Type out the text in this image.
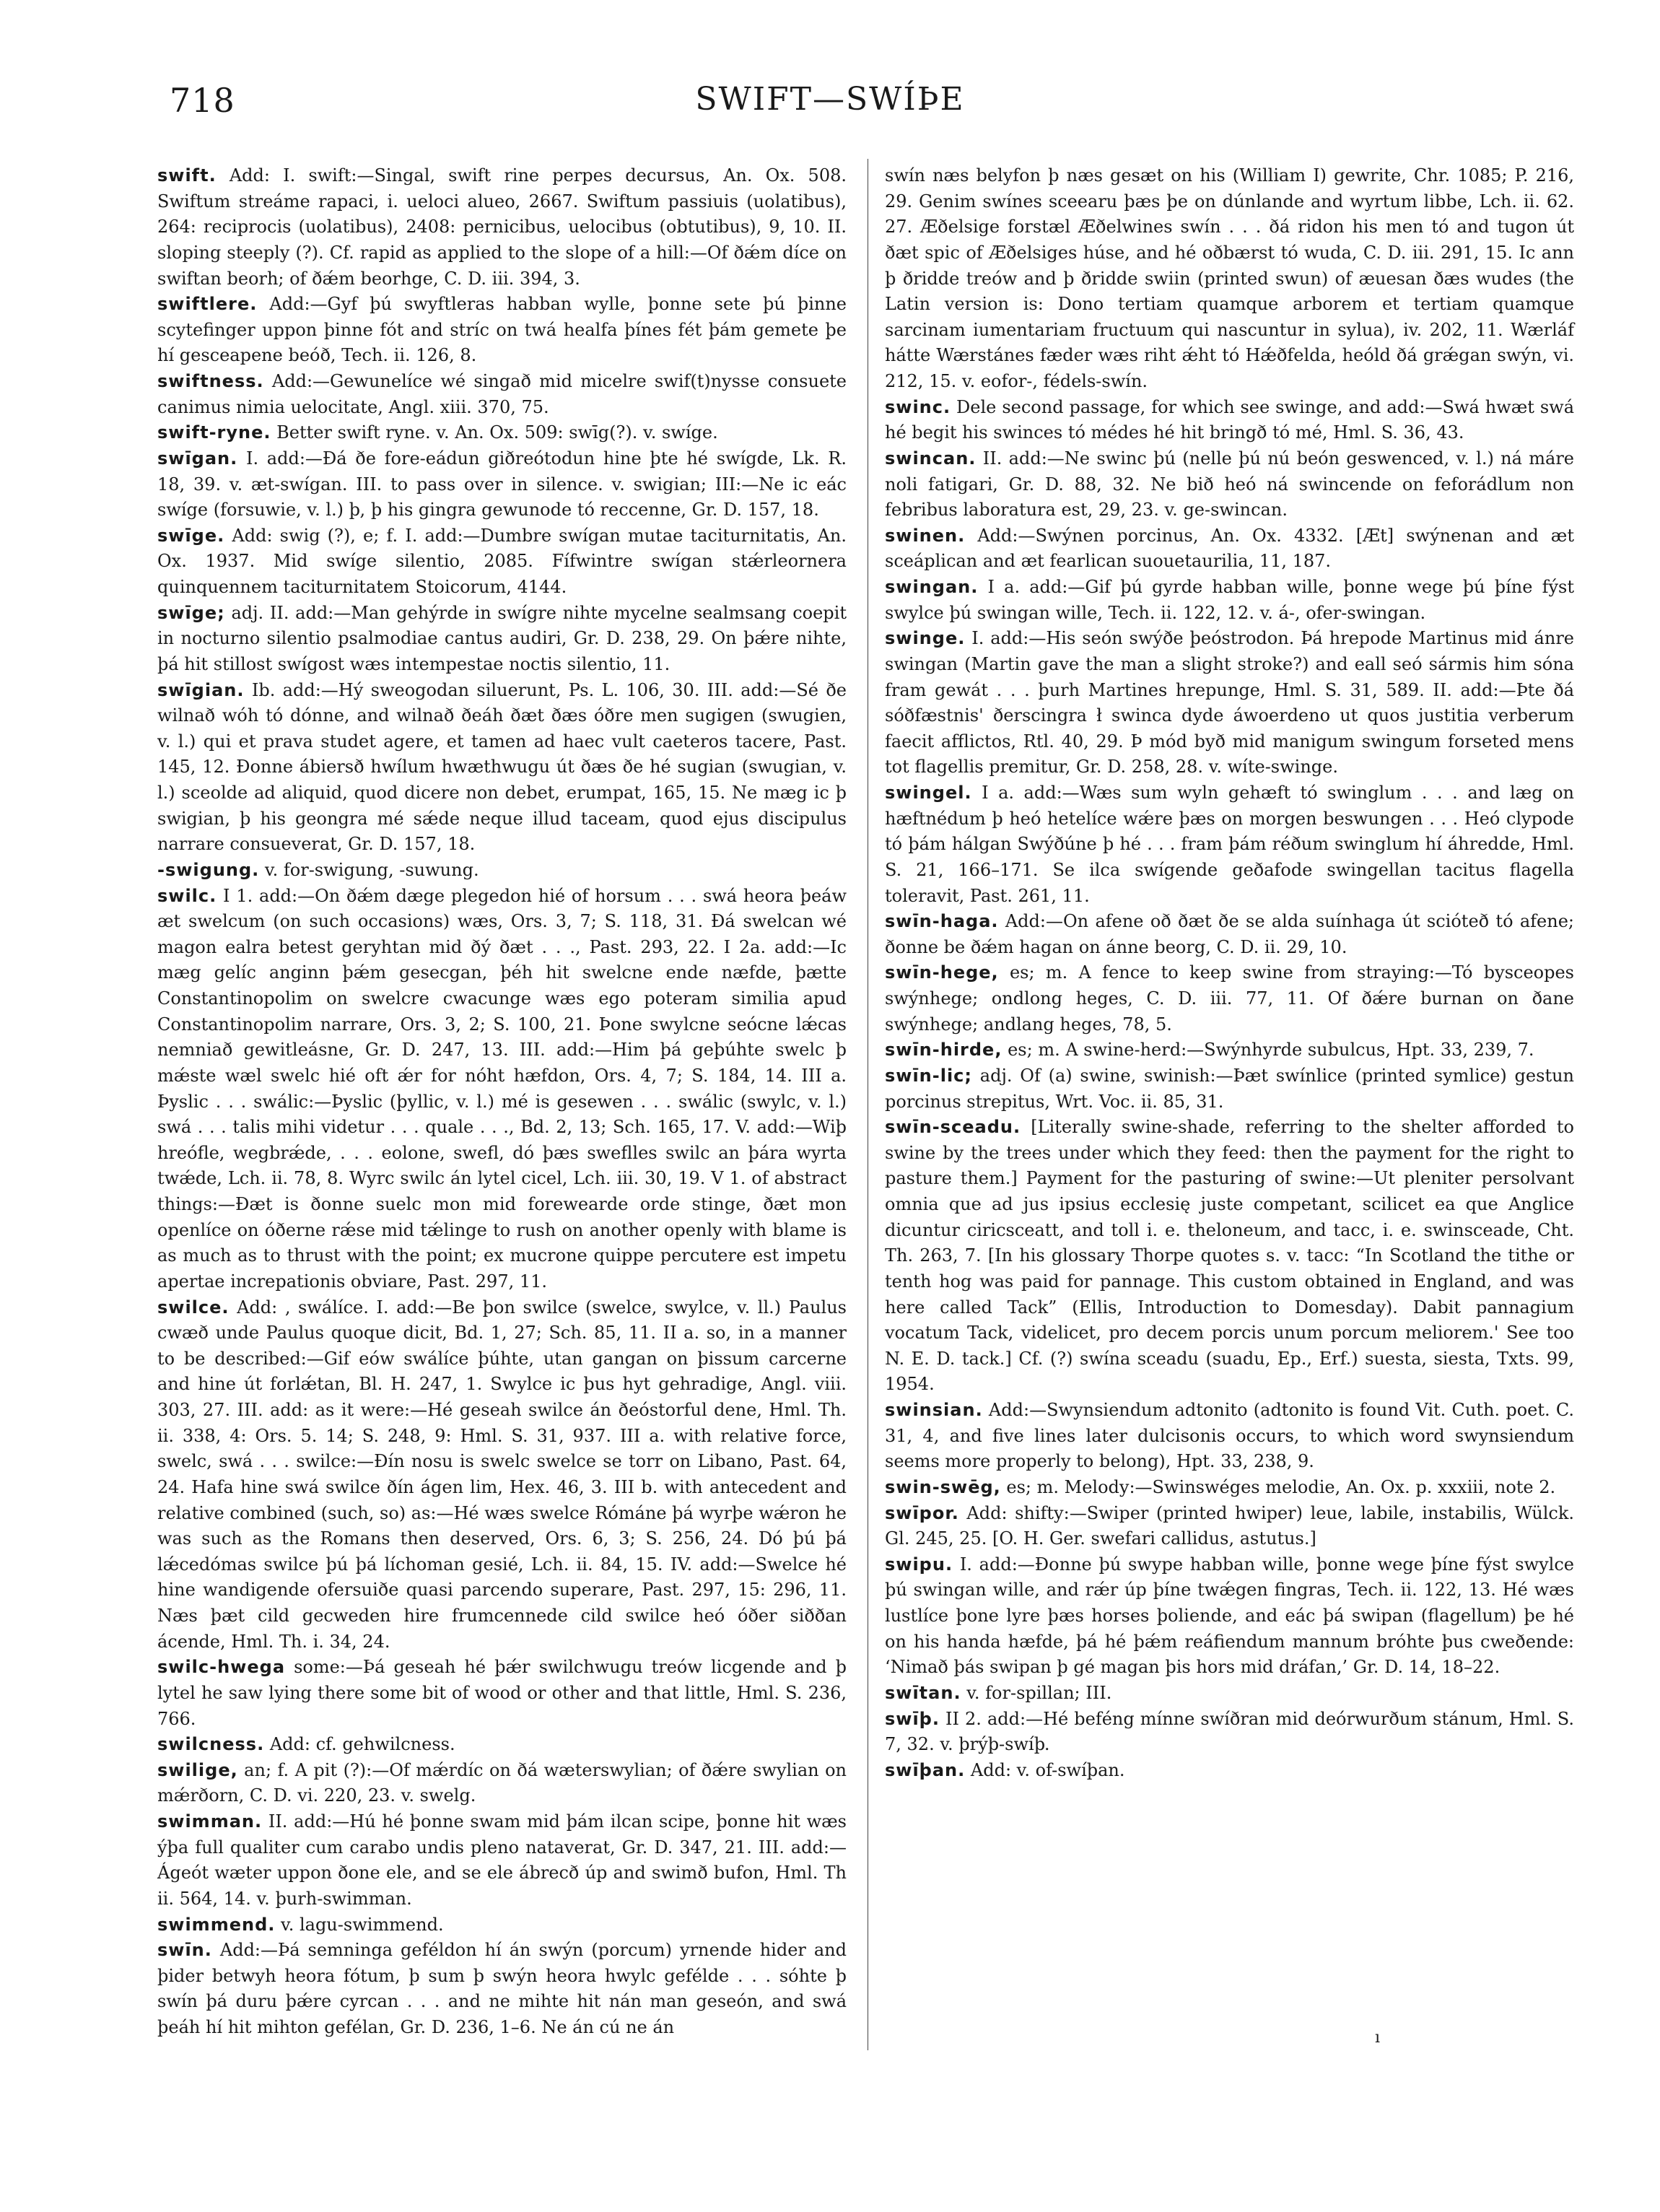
718	SWIFT—SWÍÞE

swift. Add: I. swift:—Singal, swift rine perpes decursus, An. Ox. 508. Swiftum streáme rapaci, i. ueloci alueo, 2667. Swiftum passiuis (uolatibus), 264: reciprocis (uolatibus), 2408: pernicibus, uelocibus (obtutibus), 9, 10. II. sloping steeply (?). Cf. rapid as applied to the slope of a hill:—Of ðǽm díce on swiftan beorh; of ðǽm beorhge, C. D. iii. 394, 3.

swiftlere. Add:—Gyf þú swyftleras habban wylle, þonne sete þú þinne scytefinger uppon þinne fót and stríc on twá healfa þínes fét þám gemete þe hí gesceapene beóð, Tech. ii. 126, 8.

swiftness. Add:—Gewunelíce wé singað mid micelre swif(t)nysse consuete canimus nimia uelocitate, Angl. xiii. 370, 75.

swift-ryne. Better swift ryne. v. An. Ox. 509: swīg(?). v. swíge.

swīgan. I. add:—Ðá ðe fore-eádun giðreótodun hine þte hé swígde, Lk. R. 18, 39. v. æt-swígan. III. to pass over in silence. v. swigian; III:—Ne ic eác swíge (forsuwie, v. l.) þ, þ his gingra gewunode tó reccenne, Gr. D. 157, 18.

swīge. Add: swig (?), e; f. I. add:—Dumbre swígan mutae taciturnitatis, An. Ox. 1937. Mid swíge silentio, 2085. Fífwintre swígan stǽrleornera quinquennem taciturnitatem Stoicorum, 4144.

swīge; adj. II. add:—Man gehýrde in swígre nihte mycelne sealmsang coepit in nocturno silentio psalmodiae cantus audiri, Gr. D. 238, 29. On þǽre nihte, þá hit stillost swígost wæs intempestae noctis silentio, 11.

swīgian. Ib. add:—Hý sweogodan siluerunt, Ps. L. 106, 30. III. add:—Sé ðe wilnað wóh tó dónne, and wilnað ðeáh ðæt ðæs óðre men sugigen (swugien, v. l.) qui et prava studet agere, et tamen ad haec vult caeteros tacere, Past. 145, 12. Ðonne ábiersð hwílum hwæthwugu út ðæs ðe hé sugian (swugian, v. l.) sceolde ad aliquid, quod dicere non debet, erumpat, 165, 15. Ne mæg ic þ swigian, þ his geongra mé sǽde neque illud taceam, quod ejus discipulus narrare consueverat, Gr. D. 157, 18.

-swigung. v. for-swigung, -suwung.

swilc. I 1. add:—On ðǽm dæge plegedon hié of horsum . . . swá heora þeáw æt swelcum (on such occasions) wæs, Ors. 3, 7; S. 118, 31. Ðá swelcan wé magon ealra betest geryhtan mid ðý ðæt . . ., Past. 293, 22. I 2a. add:—Ic mæg gelíc anginn þǽm gesecgan, þéh hit swelcne ende næfde, þætte Constantinopolim on swelcre cwacunge wæs ego poteram similia apud Constantinopolim narrare, Ors. 3, 2; S. 100, 21. Þone swylcne seócne lǽcas nemniað gewitleásne, Gr. D. 247, 13. III. add:—Him þá geþúhte swelc þ mǽste wæl swelc hié oft ǽr for nóht hæfdon, Ors. 4, 7; S. 184, 14. III a. Þyslic . . . swálic:—Þyslic (þyllic, v. l.) mé is gesewen . . . swálic (swylc, v. l.) swá . . . talis mihi videtur . . . quale . . ., Bd. 2, 13; Sch. 165, 17. V. add:—Wiþ hreófle, wegbrǽde, . . . eolone, swefl, dó þæs sweflles swilc an þára wyrta twǽde, Lch. ii. 78, 8. Wyrc swilc án lytel cicel, Lch. iii. 30, 19. V 1. of abstract things:—Ðæt is ðonne suelc mon mid forewearde orde stinge, ðæt mon openlíce on óðerne rǽse mid tǽlinge to rush on another openly with blame is as much as to thrust with the point; ex mucrone quippe percutere est impetu apertae increpationis obviare, Past. 297, 11.

swilce. Add: , swálíce. I. add:—Be þon swilce (swelce, swylce, v. ll.) Paulus cwæð unde Paulus quoque dicit, Bd. 1, 27; Sch. 85, 11. II a. so, in a manner to be described:—Gif eów swálíce þúhte, utan gangan on þissum carcerne and hine út forlǽtan, Bl. H. 247, 1. Swylce ic þus hyt gehradige, Angl. viii. 303, 27. III. add: as it were:—Hé geseah swilce án ðeóstorful dene, Hml. Th. ii. 338, 4: Ors. 5. 14; S. 248, 9: Hml. S. 31, 937. III a. with relative force, swelc, swá . . . swilce:—Ðín nosu is swelc swelce se torr on Libano, Past. 64, 24. Hafa hine swá swilce ðín ágen lim, Hex. 46, 3. III b. with antecedent and relative combined (such, so) as:—Hé wæs swelce Rómáne þá wyrþe wǽron he was such as the Romans then deserved, Ors. 6, 3; S. 256, 24. Dó þú þá lǽcedómas swilce þú þá líchoman gesié, Lch. ii. 84, 15. IV. add:—Swelce hé hine wandigende ofersuiðe quasi parcendo superare, Past. 297, 15: 296, 11. Næs þæt cild gecweden hire frumcennede cild swilce heó óðer siððan ácende, Hml. Th. i. 34, 24.

swilc-hwega some:—Þá geseah hé þǽr swilchwugu treów licgende and þ lytel he saw lying there some bit of wood or other and that little, Hml. S. 236, 766.

swilcness. Add: cf. gehwilcness.

swilige, an; f. A pit (?):—Of mǽrdíc on ðá wæterswylian; of ðǽre swylian on mǽrðorn, C. D. vi. 220, 23. v. swelg.

swimman. II. add:—Hú hé þonne swam mid þám ilcan scipe, þonne hit wæs ýþa full qualiter cum carabo undis pleno nataverat, Gr. D. 347, 21. III. add:—Ágeót wæter uppon ðone ele, and se ele ábrecð úp and swimð bufon, Hml. Th ii. 564, 14. v. þurh-swimman.

swimmend. v. lagu-swimmend.

swīn. Add:—Þá semninga geféldon hí án swýn (porcum) yrnende hider and þider betwyh heora fótum, þ sum þ swýn heora hwylc geféldе . . . sóhte þ swín þá duru þǽre cyrcan . . . and ne mihte hit nán man geseón, and swá þeáh hí hit mihton gefélan, Gr. D. 236, 1–6. Ne án cú ne án

swín næs belyfon þ næs gesæt on his (William I) gewrite, Chr. 1085; P. 216, 29. Genim swínes sceearu þæs þe on dúnlande and wyrtum libbe, Lch. ii. 62. 27. Æðelsige forstæl Æðelwines swín . . . ðá ridon his men tó and tugon út ðæt spic of Æðelsiges húse, and hé oðbærst tó wuda, C. D. iii. 291, 15. Ic ann þ ðridde treów and þ ðridde swiin (printed swun) of æuesan ðæs wudes (the Latin version is: Dono tertiam quamque arborem et tertiam quamque sarcinam iumentariam fructuum qui nascuntur in sylua), iv. 202, 11. Wærláf hátte Wærstánes fæder wæs riht ǽht tó Hǽðfelda, heóld ðá grǽgan swýn, vi. 212, 15. v. eofor-, fédels-swín.

swinc. Dele second passage, for which see swinge, and add:—Swá hwæt swá hé begit his swinces tó médes hé hit bringð tó mé, Hml. S. 36, 43.

swincan. II. add:—Ne swinc þú (nelle þú nú beón geswenced, v. l.) ná máre noli fatigari, Gr. D. 88, 32. Ne bið heó ná swincende on feforádlum non febribus laboratura est, 29, 23. v. ge-swincan.

swinen. Add:—Swýnen porcinus, An. Ox. 4332. [Æt] swýnenan and æt sceáplican and æt fearlican suouetaurilia, 11, 187.

swingan. I a. add:—Gif þú gyrde habban wille, þonne wege þú þíne fýst swylce þú swingan wille, Tech. ii. 122, 12. v. á-, ofer-swingan.

swinge. I. add:—His seón swýðe þeóstrodon. Þá hrepode Martinus mid ánre swingan (Martin gave the man a slight stroke?) and eall seó sármis him sóna fram gewát . . . þurh Martines hrepunge, Hml. S. 31, 589. II. add:—Þte ðá sóðfæstnis' ðerscingra ł swincа dyde áwoerdeno ut quos justitia verberum faecit afflictos, Rtl. 40, 29. Þ mód byð mid manigum swingum forseted mens tot flagellis premitur, Gr. D. 258, 28. v. wíte-swinge.

swingel. I a. add:—Wæs sum wyln gehæft tó swinglum . . . and læg on hæftnédum þ heó hetelíce wǽre þæs on morgen beswungen . . . Heó clypode tó þám hálgan Swýðúne þ hé . . . fram þám réðum swinglum hí áhredde, Hml. S. 21, 166–171. Se ilca swígende geðafode swingellan tacitus flagella toleravit, Past. 261, 11.

swīn-haga. Add:—On afene oð ðæt ðe se alda suínhaga út scióteð tó afene; ðonne be ðǽm hagan on ánne beorg, C. D. ii. 29, 10.

swīn-hege, es; m. A fence to keep swine from straying:—Tó bysceopes swýnhege; ondlong heges, C. D. iii. 77, 11. Of ðǽre burnan on ðane swýnhege; andlang heges, 78, 5.

swīn-hirde, es; m. A swine-herd:—Swýnhyrde subulcus, Hpt. 33, 239, 7.

swīn-lic; adj. Of (a) swine, swinish:—Þæt swínlice (printed symlice) gestun porcinus strepitus, Wrt. Voc. ii. 85, 31.

swīn-sceadu. [Literally swine-shade, referring to the shelter afforded to swine by the trees under which they feed: then the payment for the right to pasture them.] Payment for the pasturing of swine:—Ut pleniter persolvant omnia que ad jus ipsius ecclesię juste competant, scilicet ea que Anglice dicuntur ciricsceatt, and toll i. e. theloneum, and tacc, i. e. swinsceade, Cht. Th. 263, 7. [In his glossary Thorpe quotes s. v. tacc: “In Scotland the tithe or tenth hog was paid for pannage. This custom obtained in England, and was here called Tack” (Ellis, Introduction to Domesday). Dabit pannagium vocatum Tack, videlicet, pro decem porcis unum porcum meliorem.' See too N. E. D. tack.] Cf. (?) swína sceadu (suadu, Ep., Erf.) suesta, siesta, Txts. 99, 1954.

swinsian. Add:—Swynsiendum adtonito (adtonito is found Vit. Cuth. poet. C. 31, 4, and five lines later dulcisonis occurs, to which word swynsiendum seems more properly to belong), Hpt. 33, 238, 9.

swin-swēg, es; m. Melody:—Swinswéges melodie, An. Ox. p. xxxiii, note 2.

swīpor. Add: shifty:—Swiper (printed hwiper) leue, labile, instabilis, Wülck. Gl. 245, 25. [O. H. Ger. swefari callidus, astutus.]

swipu. I. add:—Ðonne þú swype habban wille, þonne wege þíne fýst swylce þú swingan wille, and rǽr úp þíne twǽgen fingras, Tech. ii. 122, 13. Hé wæs lustlíce þone lyre þæs horses þoliende, and eác þá swipan (flagellum) þe hé on his handa hæfde, þá hé þǽm reáfiendum mannum bróhte þus cweðende: ‘Nimað þás swipan þ gé magan þis hors mid dráfan,’ Gr. D. 14, 18–22.

swītan. v. for-spillan; III.

swīþ. II 2. add:—Hé beféng mínne swíðran mid deórwurðum stánum, Hml. S. 7, 32. v. þrýþ-swíþ.

swīþan. Add: v. of-swíþan.

ı
